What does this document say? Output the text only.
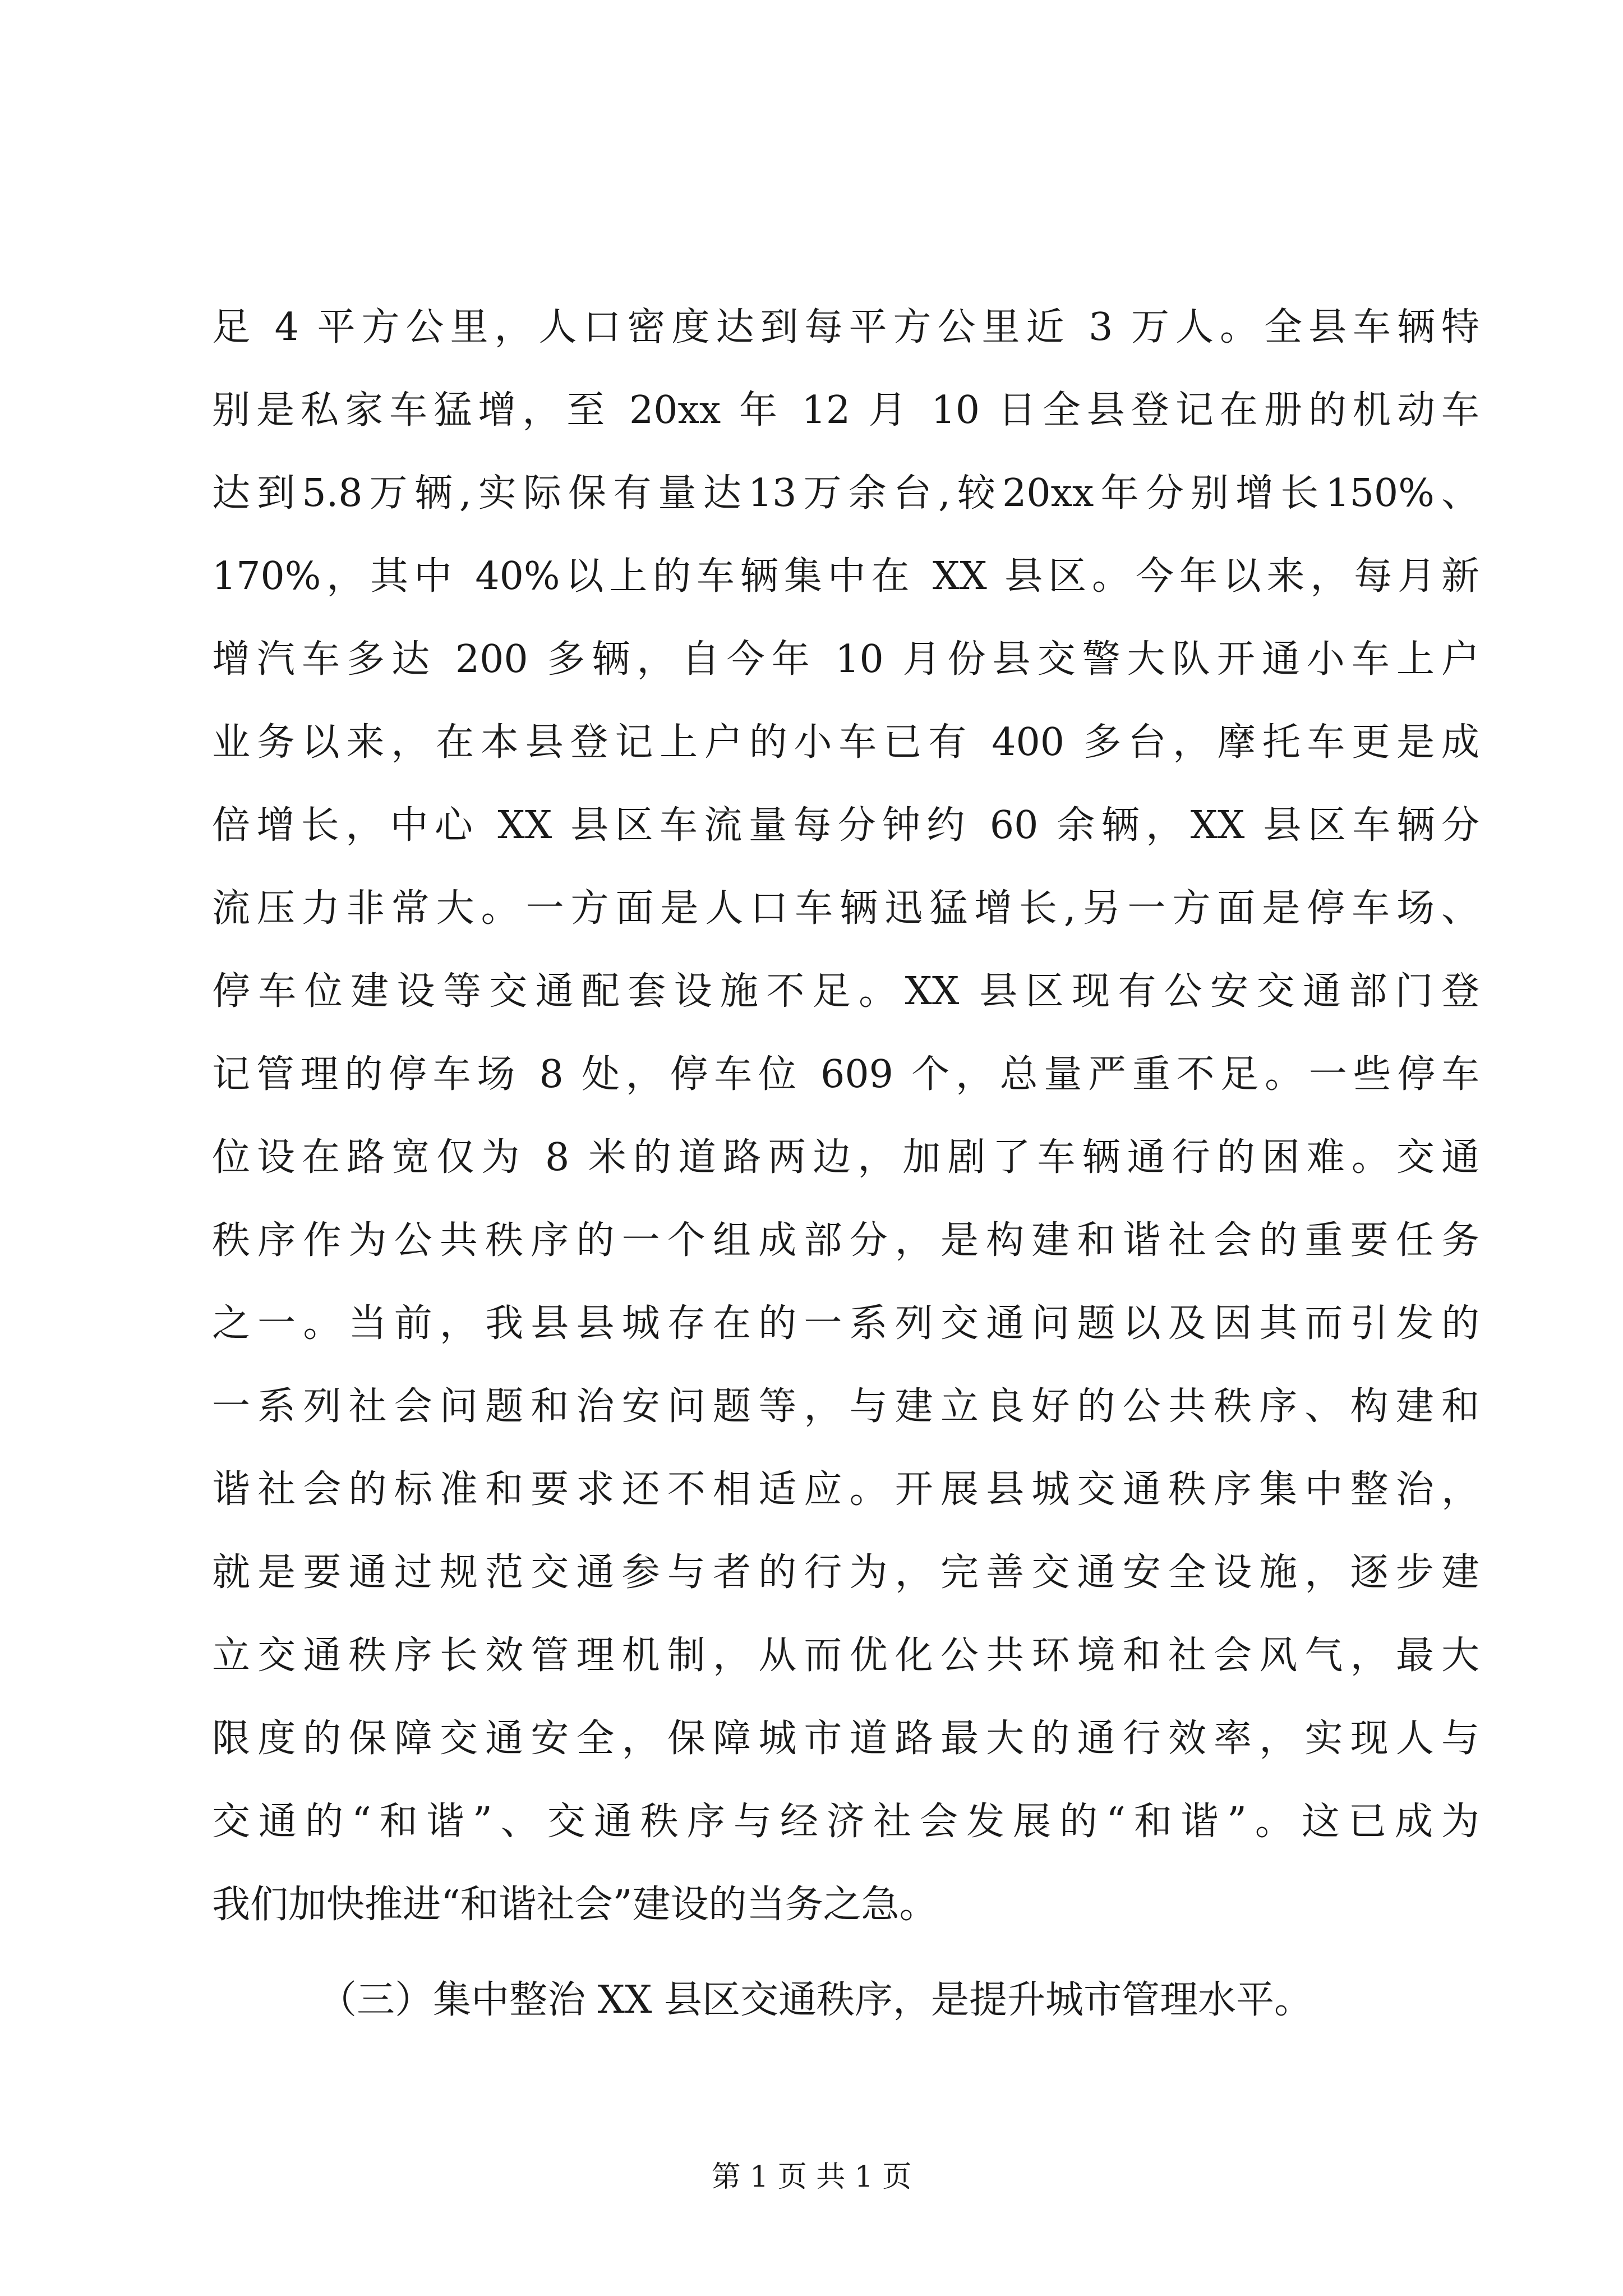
足 4 平方公里，人口密度达到每平方公里近 3 万人。全县车辆特
别是私家车猛增，至 20xx 年 12 月 10 日全县登记在册的机动车
达到5.8万辆,实际保有量达13万余台,较20xx年分别增长150%、
170%，其中 40%以上的车辆集中在 XX 县区。今年以来，每月新
增汽车多达 200 多辆，自今年 10 月份县交警大队开通小车上户
业务以来，在本县登记上户的小车已有 400 多台，摩托车更是成
倍增长，中心 XX 县区车流量每分钟约 60 余辆，XX 县区车辆分
流压力非常大。一方面是人口车辆迅猛增长,另一方面是停车场、
停车位建设等交通配套设施不足。XX 县区现有公安交通部门登
记管理的停车场 8 处，停车位 609 个，总量严重不足。一些停车
位设在路宽仅为 8 米的道路两边，加剧了车辆通行的困难。交通
秩序作为公共秩序的一个组成部分，是构建和谐社会的重要任务
之一。当前，我县县城存在的一系列交通问题以及因其而引发的
一系列社会问题和治安问题等，与建立良好的公共秩序、构建和
谐社会的标准和要求还不相适应。开展县城交通秩序集中整治，
就是要通过规范交通参与者的行为，完善交通安全设施，逐步建
立交通秩序长效管理机制，从而优化公共环境和社会风气，最大
限度的保障交通安全，保障城市道路最大的通行效率，实现人与
交通的“和谐”、交通秩序与经济社会发展的“和谐”。这已成为
我们加快推进“和谐社会”建设的当务之急。
（三）集中整治 XX 县区交通秩序，是提升城市管理水平。
第 1 页 共 1 页
